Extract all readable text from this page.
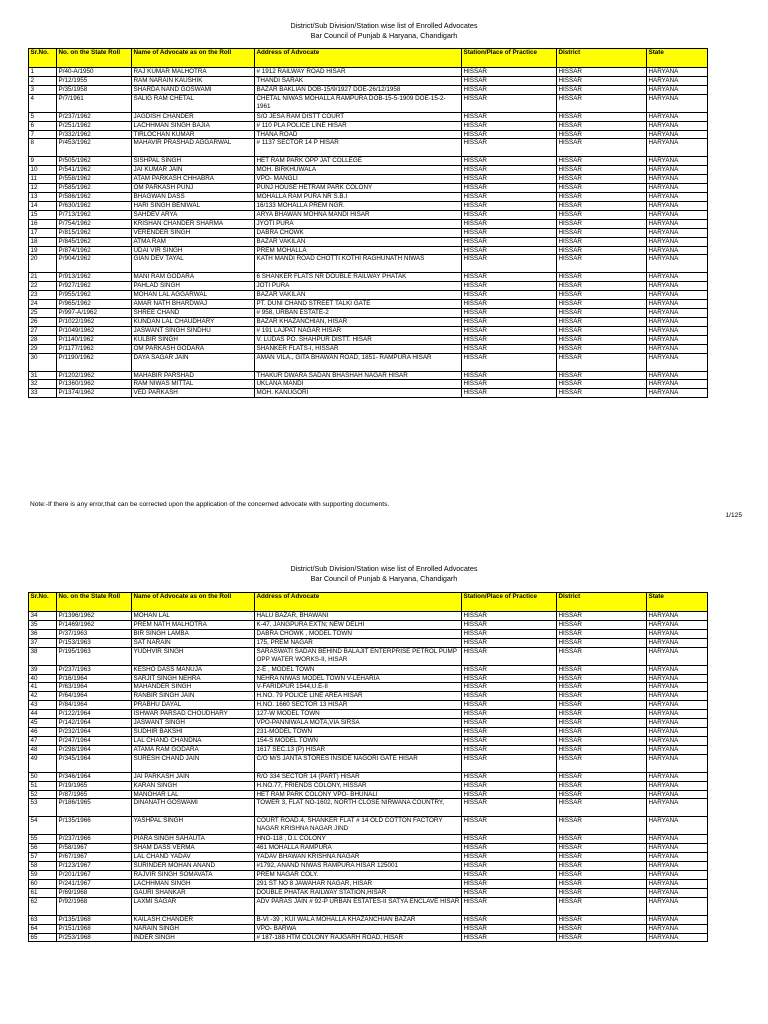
District/Sub Division/Station wise list of Enrolled Advocates
Bar Council of Punjab & Haryana, Chandigarh
Sr.No.	No. on the State Roll	Name of Advocate as on the Roll	Address of Advocate	Station/Place of Practice	District	State
1	P/40-A/1950	RAJ KUMAR MALHOTRA	# 1912 RAILWAY ROAD HISAR	HISSAR	HISSAR	HARYANA
2	P/12/1955	RAM NARAIN KAUSHIK	THANDI SARAK	HISSAR	HISSAR	HARYANA
3	P/35/1958	SHARDA NAND GOSWAMI	BAZAR BAKLIAN DOB-15/9/1927 DOE-26/12/1958	HISSAR	HISSAR	HARYANA
4	P/7/1961	SALIG RAM CHETAL	CHETAL NIWAS MOHALLA RAMPURA DOB-15-5-1909 DOE-15-2-1961	HISSAR	HISSAR	HARYANA
5	P/237/1962	JAGDISH CHANDER	S/O JESA RAM DISTT COURT	HISSAR	HISSAR	HARYANA
6	P/251/1962	LACHHMAN SINGH BAJIA	# 110 PLA POLICE LINE HISAR	HISSAR	HISSAR	HARYANA
7	P/332/1962	TIRLOCHAN KUMAR	THANA ROAD	HISSAR	HISSAR	HARYANA
8	P/453/1962	MAHAVIR PRASHAD AGGARWAL	# 1137 SECTOR 14 P HISAR	HISSAR	HISSAR	HARYANA
9	P/505/1962	SISHPAL SINGH	HET RAM PARK OPP JAT COLLEGE	HISSAR	HISSAR	HARYANA
10	P/541/1962	JAI KUMAR JAIN	MOH. BIRKHUWALA	HISSAR	HISSAR	HARYANA
11	P/558/1962	ATAM PARKASH CHHABRA	VPO- MANGLI	HISSAR	HISSAR	HARYANA
12	P/585/1962	OM PARKASH PUNJ	PUNJ HOUSE HETRAM PARK COLONY	HISSAR	HISSAR	HARYANA
13	P/586/1962	BHAGWAN DASS	MOHALLA RAM PURA NR S.B.I	HISSAR	HISSAR	HARYANA
14	P/630/1962	HARI SINGH BENIWAL	16/133 MOHALLA PREM NGR.	HISSAR	HISSAR	HARYANA
15	P/713/1962	SAHDEV ARYA	ARYA BHAWAN MOHNA MANDI HISAR	HISSAR	HISSAR	HARYANA
16	P/754/1962	KRISHAN CHANDER SHARMA	JYOTI PURA	HISSAR	HISSAR	HARYANA
17	P/815/1962	VERENDER SINGH	DABRA CHOWK	HISSAR	HISSAR	HARYANA
18	P/845/1962	ATMA RAM	BAZAR VAKILAN	HISSAR	HISSAR	HARYANA
19	P/874/1962	UDAI VIR SINGH	PREM MOHALLA	HISSAR	HISSAR	HARYANA
20	P/904/1962	GIAN DEV TAYAL	KATH MANDI ROAD CHOTTI KOTHI RAGHUNATH NIWAS	HISSAR	HISSAR	HARYANA
21	P/913/1962	MANI RAM GODARA	6 SHANKER FLATS NR DOUBLE RAILWAY PHATAK	HISSAR	HISSAR	HARYANA
22	P/927/1962	PAHLAD SINGH	JOTI PURA	HISSAR	HISSAR	HARYANA
23	P/955/1962	MOHAN LAL AGGARWAL	BAZAR VAKILAN	HISSAR	HISSAR	HARYANA
24	P/965/1962	AMAR NATH BHARDWAJ	PT. DUNI CHAND STREET TALKI GATE	HISSAR	HISSAR	HARYANA
25	P/997-A/1962	SHREE CHAND	# 958, URBAN ESTATE-2	HISSAR	HISSAR	HARYANA
26	P/1022/1962	KUNDAN LAL CHAUDHARY	BAZAR KHAZANCHIAN, HISAR	HISSAR	HISSAR	HARYANA
27	P/1049/1962	JASWANT SINGH SINDHU	# 191 LAJPAT NAGAR HISAR	HISSAR	HISSAR	HARYANA
28	P/1140/1962	KULBIR SINGH	V. LUDAS PO. SHAHPUR DISTT. HISAR	HISSAR	HISSAR	HARYANA
29	P/1177/1962	OM PARKASH GODARA	SHANKER FLATS-I, HISSAR	HISSAR	HISSAR	HARYANA
30	P/1190/1962	DAYA SAGAR JAIN	AMAN VILA., GITA BHAWAN ROAD, 1851- RAMPURA HISAR	HISSAR	HISSAR	HARYANA
31	P/1202/1962	MAHABIR PARSHAD	THAKUR DWARA SADAN BHASHAH NAGAR HISAR	HISSAR	HISSAR	HARYANA
32	P/1360/1962	RAM NIWAS MITTAL	UKLANA MANDI	HISSAR	HISSAR	HARYANA
33	P/1374/1962	VED PARKASH	MOH. KANUGORI	HISSAR	HISSAR	HARYANA
Note:-If there is any error,that can be corrected upon the application of the concerned advocate with supporting documents.
1/125
District/Sub Division/Station wise list of Enrolled Advocates
Bar Council of Punjab & Haryana, Chandigarh
Sr.No.	No. on the State Roll	Name of Advocate as on the Roll	Address of Advocate	Station/Place of Practice	District	State
34	P/1396/1962	MOHAN LAL	HALU BAZAR, BHAWANI	HISSAR	HISSAR	HARYANA
35	P/1469/1962	PREM NATH MALHOTRA	K-47, JANGPURA EXTN; NEW DELHI	HISSAR	HISSAR	HARYANA
36	P/37/1963	BIR SINGH LAMBA	DABRA CHOWK , MODEL TOWN	HISSAR	HISSAR	HARYANA
37	P/153/1963	SAT NARAIN	175, PREM NAGAR	HISSAR	HISSAR	HARYANA
38	P/195/1963	YUDHVIR SINGH	SARASWATI SADAN BEHIND BALAJIT ENTERPRISE PETROL PUMP OPP WATER WORKS-II, HISAR	HISSAR	HISSAR	HARYANA
39	P/237/1963	KESHO DASS MANUJA	2-E , MODEL TOWN	HISSAR	HISSAR	HARYANA
40	P/16/1964	SARJIT SINGH NEHRA	NEHRA NIWAS MODEL TOWN V-LEHARIA	HISSAR	HISSAR	HARYANA
41	P/63/1964	MAHANDER SINGH	V-FARIDPUR 1544,U.E-II	HISSAR	HISSAR	HARYANA
42	P/64/1964	RANBIR SINGH JAIN	H.NO. 79 POLICE LINE AREA HISAR	HISSAR	HISSAR	HARYANA
43	P/84/1964	PRABHU DAYAL	H.NO. 1660 SECTOR 13 HISAR	HISSAR	HISSAR	HARYANA
44	P/122/1964	ISHWAR PARSAD CHOUDHARY	127-W MODEL TOWN	HISSAR	HISSAR	HARYANA
45	P/142/1964	JASWANT SINGH	VPO-PANNIWALA MOTA,VIA SIRSA	HISSAR	HISSAR	HARYANA
46	P/232/1964	SUDHIR BAKSHI	231-MODEL TOWN	HISSAR	HISSAR	HARYANA
47	P/247/1964	LAL CHAND CHANDNA	154-S MODEL TOWN	HISSAR	HISSAR	HARYANA
48	P/298/1964	ATAMA RAM GODARA	1617 SEC.13 (P) HISAR	HISSAR	HISSAR	HARYANA
49	P/345/1964	SURESH CHAND JAIN	C/O M/S JANTA STORES INSIDE NAGORI GATE HISAR	HISSAR	HISSAR	HARYANA
50	P/346/1964	JAI PARKASH JAIN	R/O 334 SECTOR 14 (PART) HISAR	HISSAR	HISSAR	HARYANA
51	P/19/1965	KARAN SINGH	H.NO.77, FRIENDS COLONY, HISSAR	HISSAR	HISSAR	HARYANA
52	P/87/1965	MANOHAR LAL	HET RAM PARK COLONY VPO- BHUNALI	HISSAR	HISSAR	HARYANA
53	P/186/1965	DINANATH GOSWAMI	TOWER 3, FLAT NO-1602, NORTH CLOSE NIRWANA COUNTRY,	HISSAR	HISSAR	HARYANA
54	P/135/1966	YASHPAL SINGH	COURT ROAD.4, SHANKER FLAT # 14 OLD COTTON FACTORY NAGAR KRISHNA NAGAR JIND	HISSAR	HISSAR	HARYANA
55	P/237/1966	PIARA SINGH SAHAUTA	HNO-118 , D.L COLONY	HISSAR	HISSAR	HARYANA
56	P/58/1967	SHAM DASS VERMA	461 MOHALLA RAMPURA	HISSAR	HISSAR	HARYANA
57	P/67/1967	LAL CHAND YADAV	YADAV BHAWAN KRISHNA NAGAR	HISSAR	HISSAR	HARYANA
58	P/123/1967	SURINDER MOHAN ANAND	#1792, ANAND NIWAS RAMPURA HISAR 125001	HISSAR	HISSAR	HARYANA
59	P/201/1967	RAJVIR SINGH SOMAVATA	PREM NAGAR COLY.	HISSAR	HISSAR	HARYANA
60	P/241/1967	LACHHMAN SINGH	291 ST NO 8 JAWAHAR NAGAR, HISAR	HISSAR	HISSAR	HARYANA
61	P/69/1968	GAURI SHANKAR	DOUBLE PHATAK RAILWAY STATION,HISAR	HISSAR	HISSAR	HARYANA
62	P/92/1968	LAXMI SAGAR	ADV PARAS JAIN # 92-P URBAN ESTATES-II SATYA ENCLAVE HISAR	HISSAR	HISSAR	HARYANA
63	P/135/1968	KAILASH CHANDER	B-VI -39 , KUI WALA MOHALLA KHAZANCHIAN BAZAR	HISSAR	HISSAR	HARYANA
64	P/151/1968	NARAIN SINGH	VPO- BARWA	HISSAR	HISSAR	HARYANA
65	P/253/1968	INDER SINGH	# 187-188 HTM COLONY RAJGARH ROAD, HISAR	HISSAR	HISSAR	HARYANA
